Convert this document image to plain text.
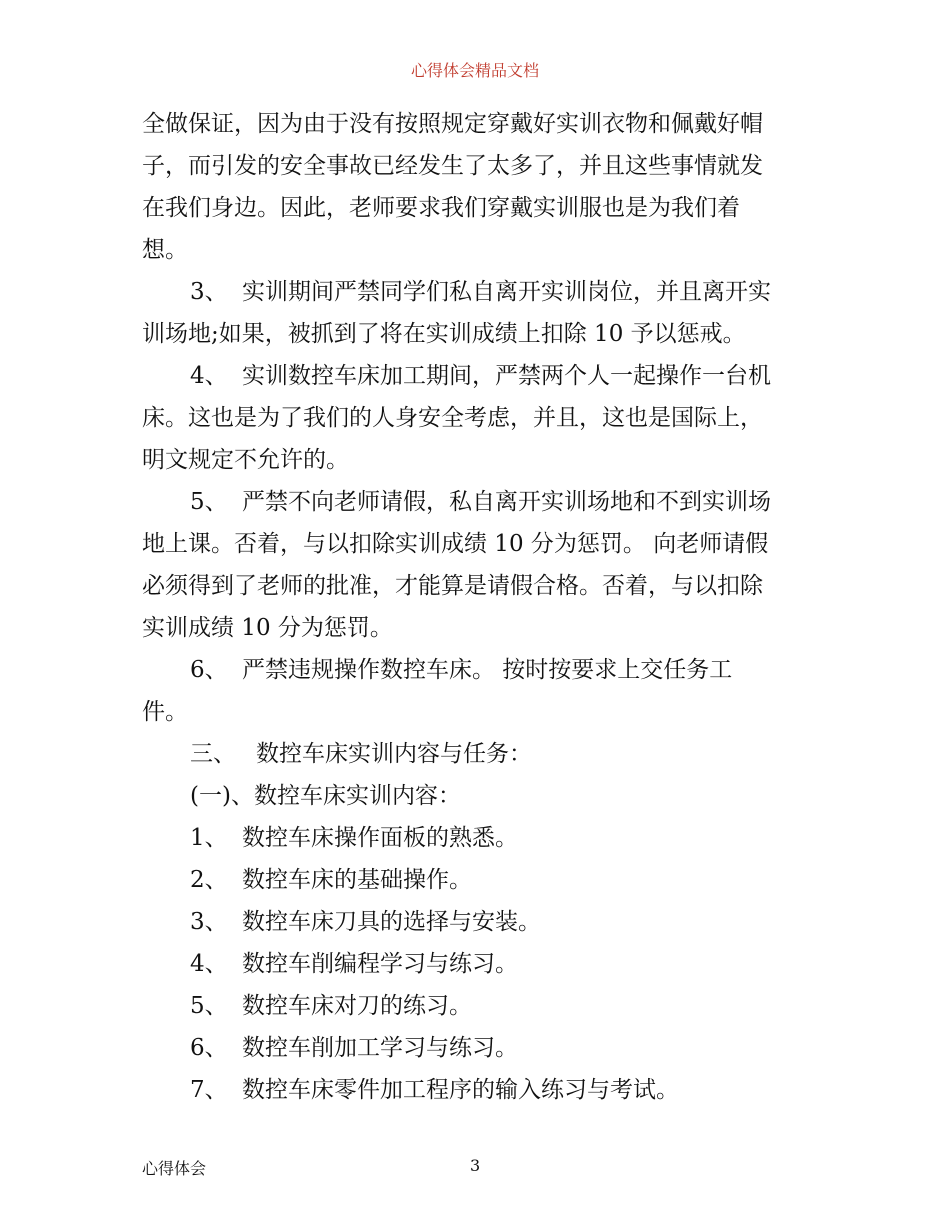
心得体会精品文档
全做保证，因为由于没有按照规定穿戴好实训衣物和佩戴好帽
子，而引发的安全事故已经发生了太多了，并且这些事情就发
在我们身边。因此，老师要求我们穿戴实训服也是为我们着
想。
3、 实训期间严禁同学们私自离开实训岗位，并且离开实
训场地;如果，被抓到了将在实训成绩上扣除 10 予以惩戒。
4、 实训数控车床加工期间，严禁两个人一起操作一台机
床。这也是为了我们的人身安全考虑，并且，这也是国际上，
明文规定不允许的。
5、 严禁不向老师请假，私自离开实训场地和不到实训场
地上课。否着，与以扣除实训成绩 10 分为惩罚。 向老师请假
必须得到了老师的批准，才能算是请假合格。否着，与以扣除
实训成绩 10 分为惩罚。
6、 严禁违规操作数控车床。 按时按要求上交任务工
件。
三、 数控车床实训内容与任务：
(一)、数控车床实训内容：
1、 数控车床操作面板的熟悉。
2、 数控车床的基础操作。
3、 数控车床刀具的选择与安装。
4、 数控车削编程学习与练习。
5、 数控车床对刀的练习。
6、 数控车削加工学习与练习。
7、 数控车床零件加工程序的输入练习与考试。
心得体会	3
